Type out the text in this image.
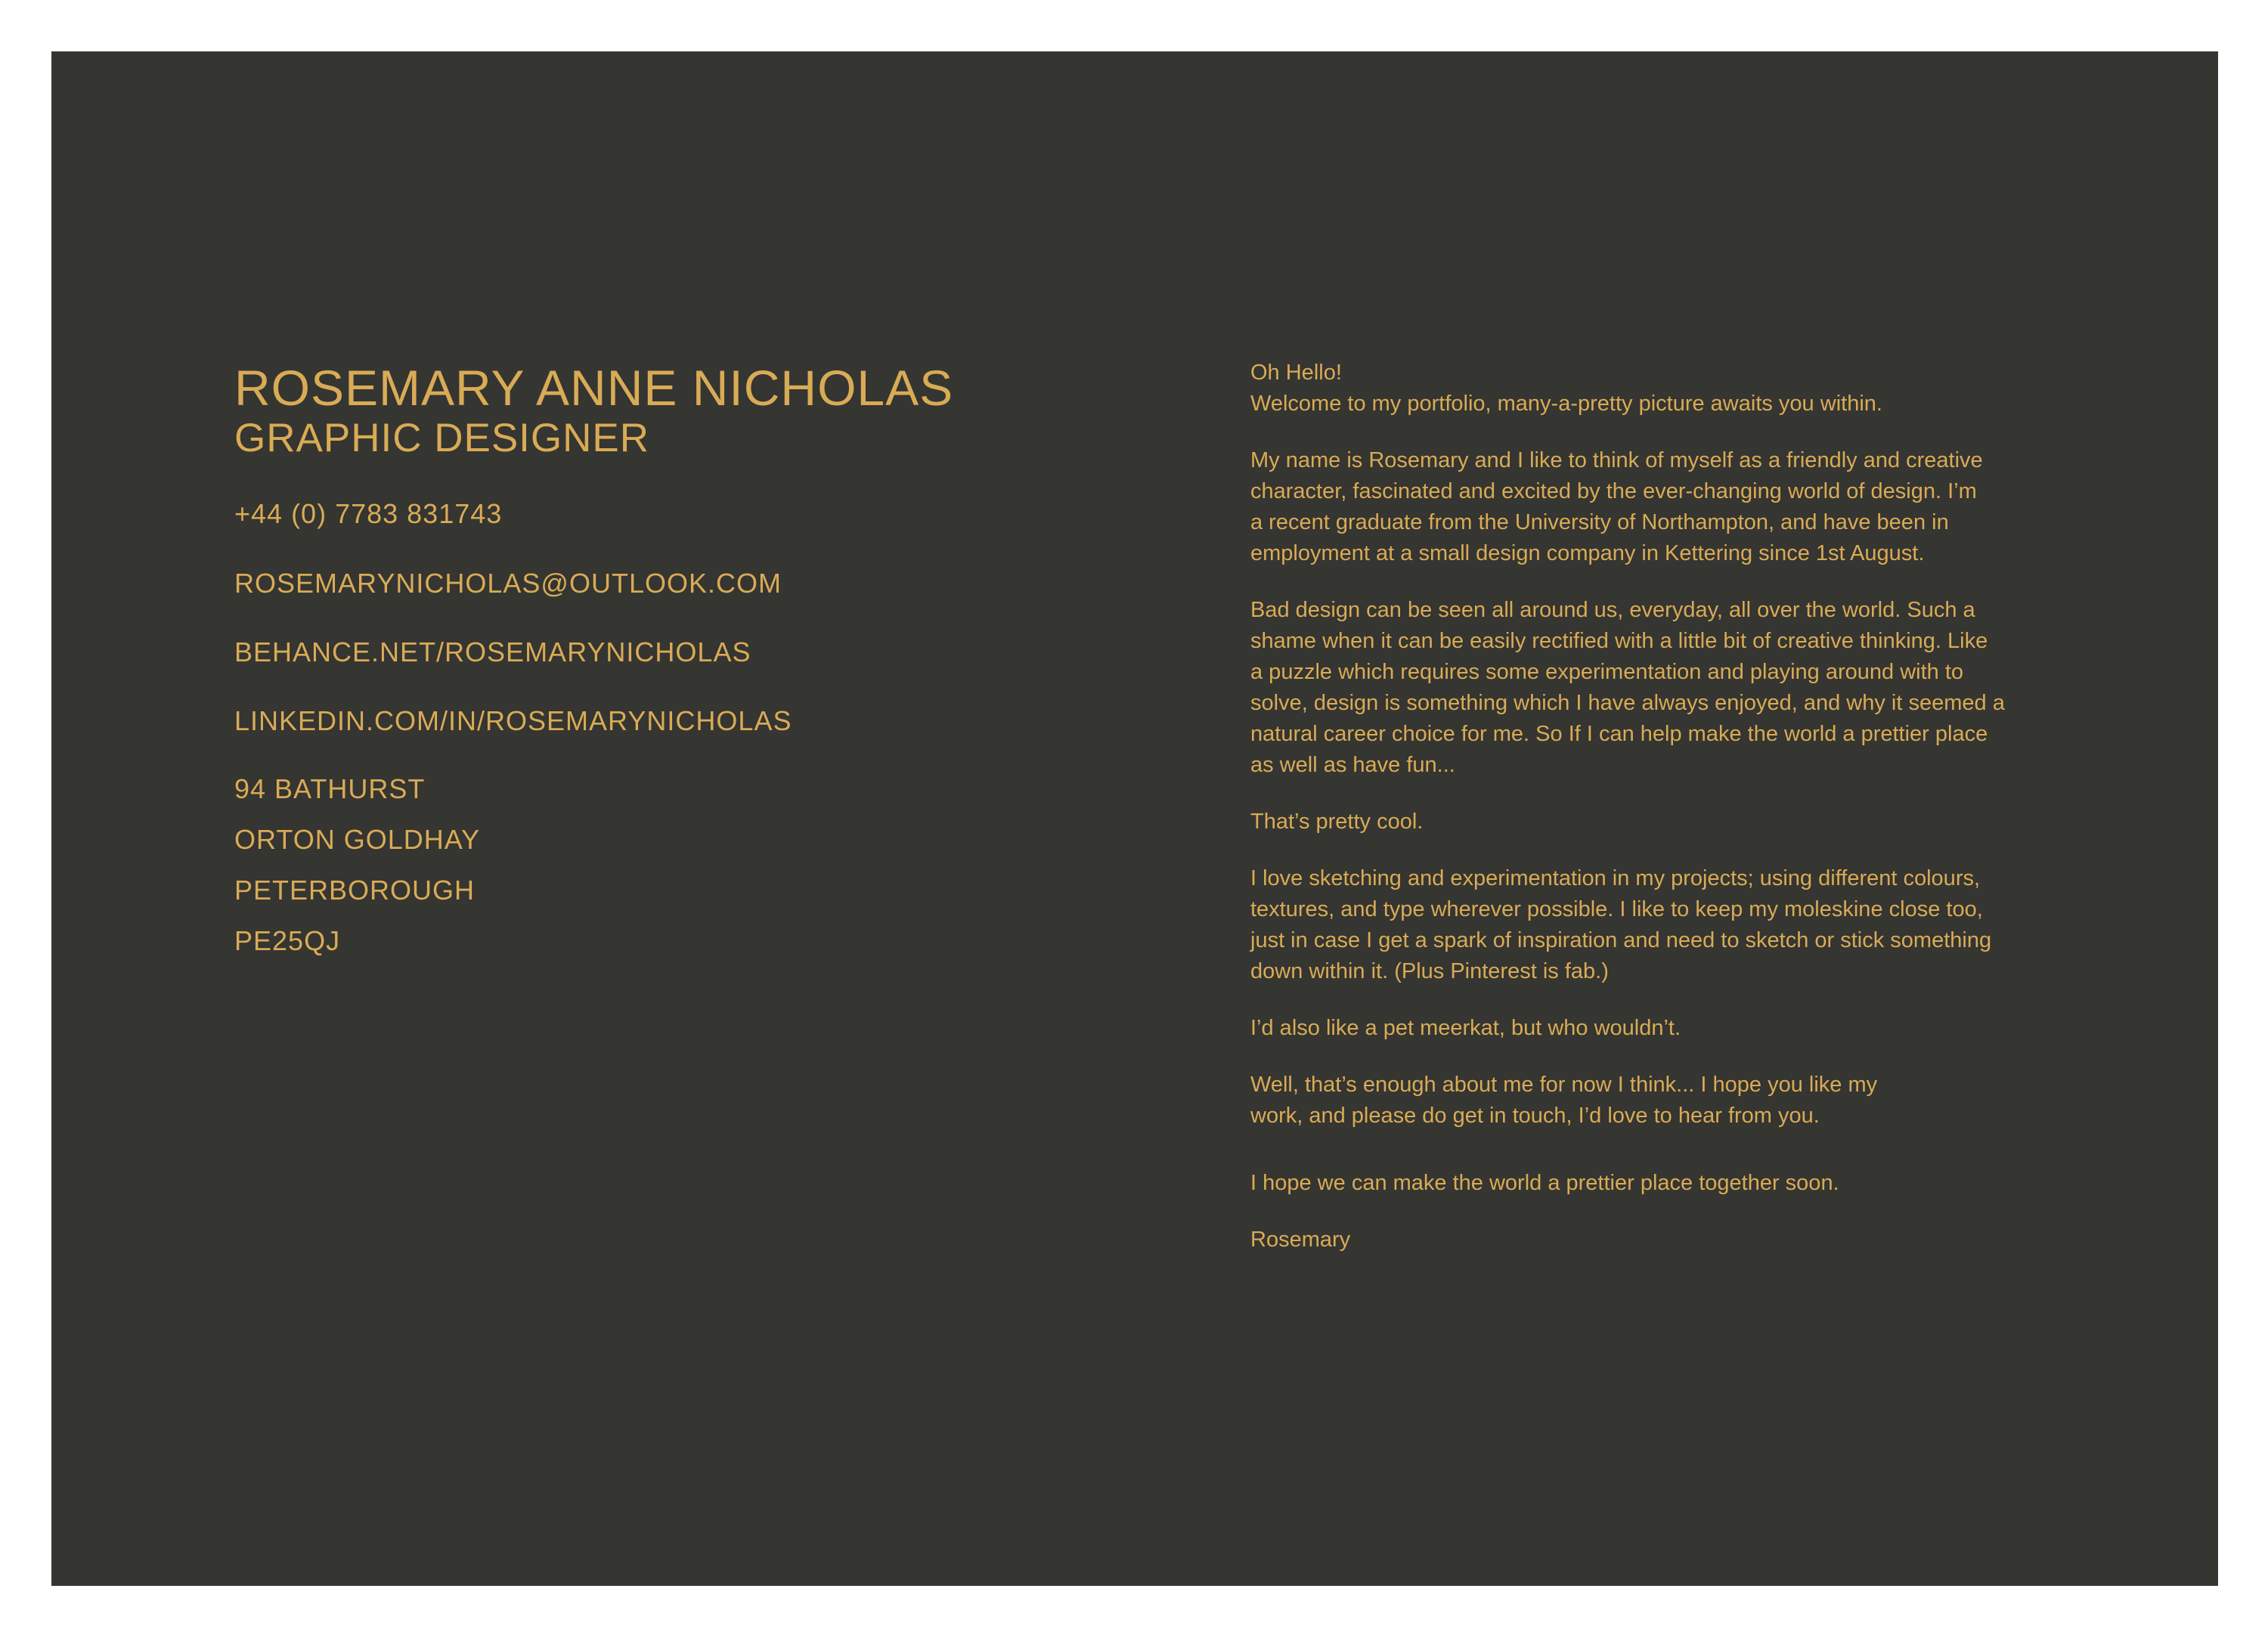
ROSEMARY ANNE NICHOLAS
GRAPHIC DESIGNER

+44 (0) 7783 831743

ROSEMARYNICHOLAS@OUTLOOK.COM

BEHANCE.NET/ROSEMARYNICHOLAS

LINKEDIN.COM/IN/ROSEMARYNICHOLAS

94 BATHURST

ORTON GOLDHAY

PETERBOROUGH

PE25QJ

Oh Hello!
Welcome to my portfolio, many-a-pretty picture awaits you within.

My name is Rosemary and I like to think of myself as a friendly and creative
character, fascinated and excited by the ever-changing world of design. I’m
a recent graduate from the University of Northampton, and have been in
employment at a small design company in Kettering since 1st August.

Bad design can be seen all around us, everyday, all over the world. Such a
shame when it can be easily rectified with a little bit of creative thinking. Like
a puzzle which requires some experimentation and playing around with to
solve, design is something which I have always enjoyed, and why it seemed a
natural career choice for me. So If I can help make the world a prettier place
as well as have fun...

That’s pretty cool.

I love sketching and experimentation in my projects; using different colours,
textures, and type wherever possible. I like to keep my moleskine close too,
just in case I get a spark of inspiration and need to sketch or stick something
down within it. (Plus Pinterest is fab.)

I’d also like a pet meerkat, but who wouldn’t.

Well, that’s enough about me for now I think... I hope you like my
work, and please do get in touch, I’d love to hear from you.

I hope we can make the world a prettier place together soon.

Rosemary
